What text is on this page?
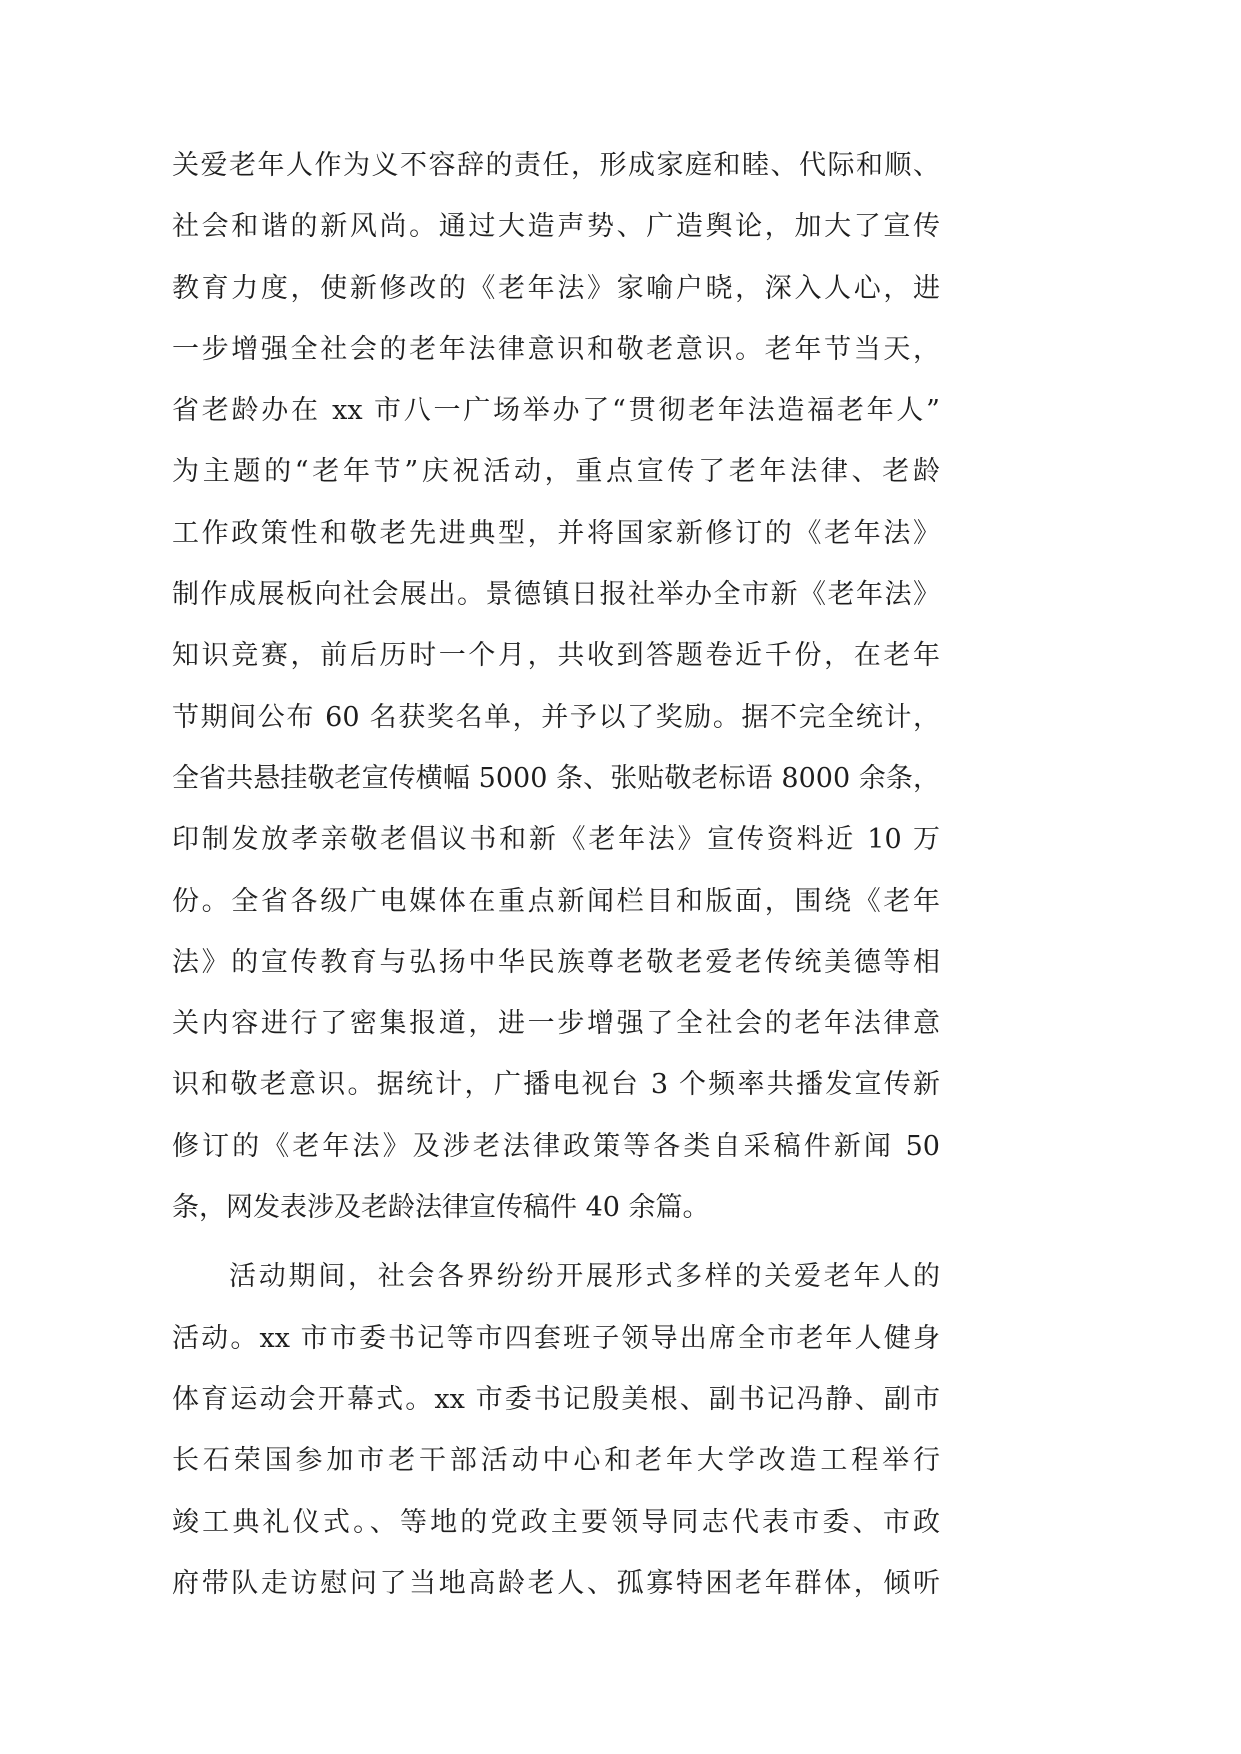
关爱老年人作为义不容辞的责任，形成家庭和睦、代际和顺、
社会和谐的新风尚。通过大造声势、广造舆论，加大了宣传
教育力度，使新修改的《老年法》家喻户晓，深入人心，进
一步增强全社会的老年法律意识和敬老意识。老年节当天，
省老龄办在 xx 市八一广场举办了“贯彻老年法造福老年人”
为主题的“老年节”庆祝活动，重点宣传了老年法律、老龄
工作政策性和敬老先进典型，并将国家新修订的《老年法》
制作成展板向社会展出。景德镇日报社举办全市新《老年法》
知识竞赛，前后历时一个月，共收到答题卷近千份，在老年
节期间公布 60 名获奖名单，并予以了奖励。据不完全统计，
全省共悬挂敬老宣传横幅 5000 条、张贴敬老标语 8000 余条，
印制发放孝亲敬老倡议书和新《老年法》宣传资料近 10 万
份。全省各级广电媒体在重点新闻栏目和版面，围绕《老年
法》的宣传教育与弘扬中华民族尊老敬老爱老传统美德等相
关内容进行了密集报道，进一步增强了全社会的老年法律意
识和敬老意识。据统计，广播电视台 3 个频率共播发宣传新
修订的《老年法》及涉老法律政策等各类自采稿件新闻 50
条，网发表涉及老龄法律宣传稿件 40 余篇。
活动期间，社会各界纷纷开展形式多样的关爱老年人的
活动。xx 市市委书记等市四套班子领导出席全市老年人健身
体育运动会开幕式。xx 市委书记殷美根、副书记冯静、副市
长石荣国参加市老干部活动中心和老年大学改造工程举行
竣工典礼仪式。、等地的党政主要领导同志代表市委、市政
府带队走访慰问了当地高龄老人、孤寡特困老年群体，倾听
